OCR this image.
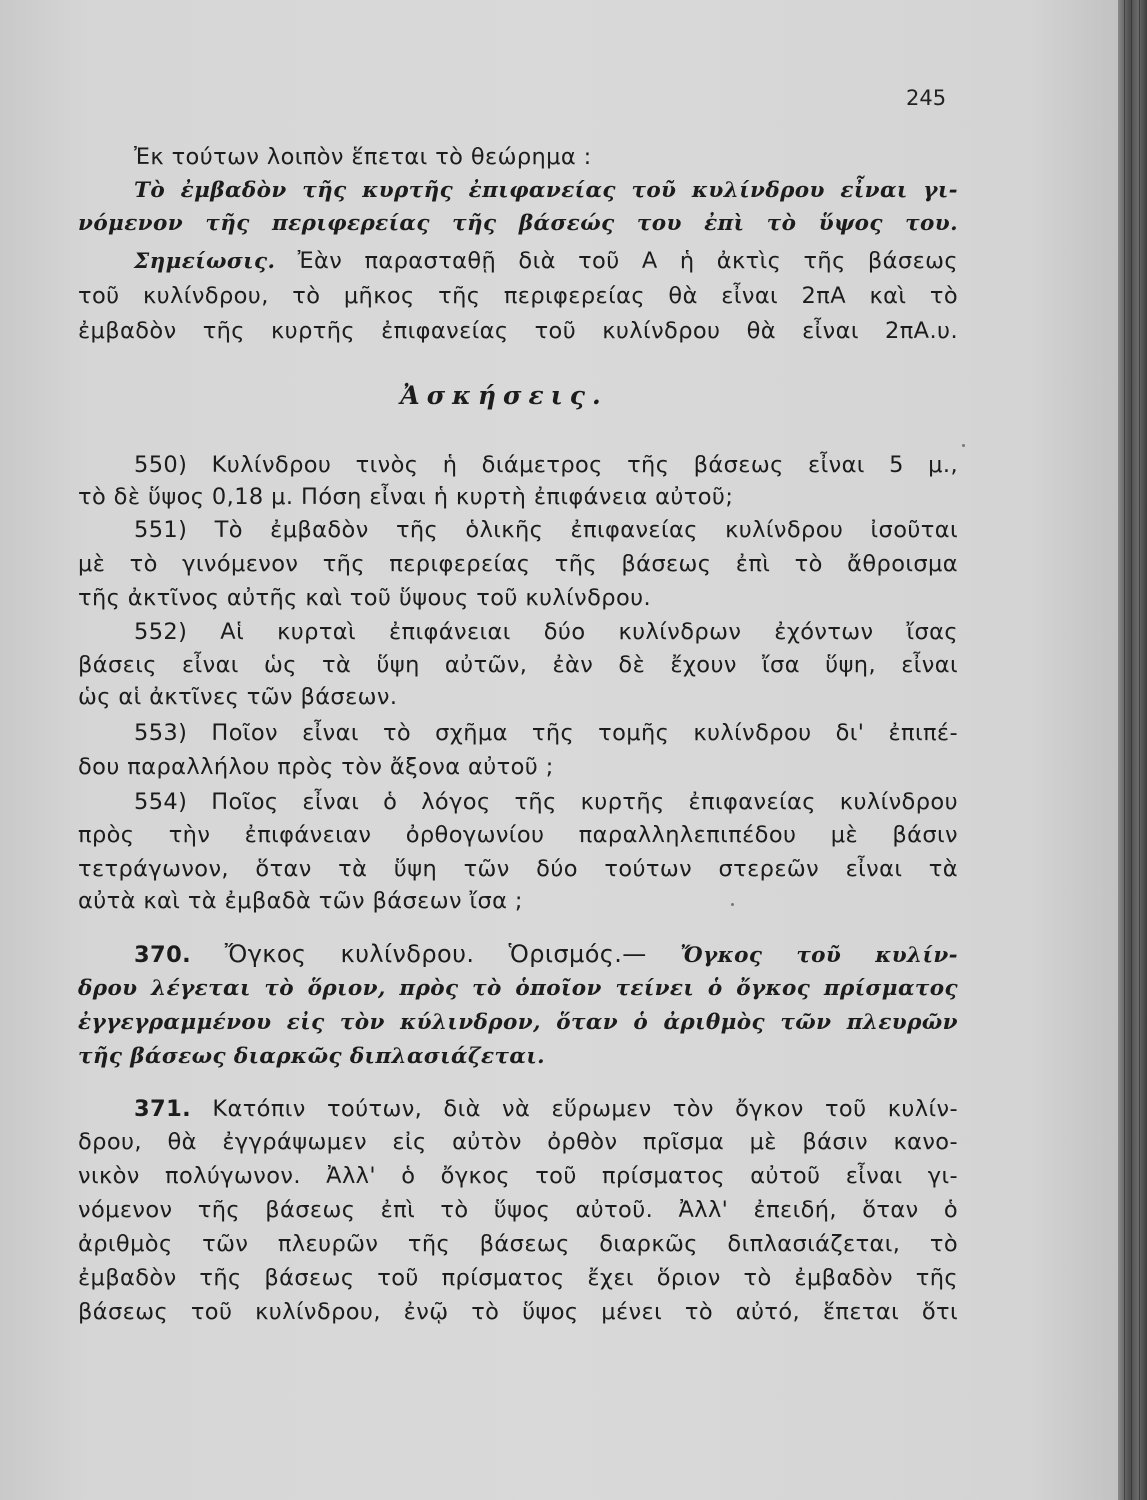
245
Ἐκ τούτων λοιπὸν ἕπεται τὸ θεώρημα :
Τὸ ἐμβαδὸν τῆς κυρτῆς ἐπιφανείας τοῦ κυλίνδρου εἶναι γι-
νόμενον τῆς περιφερείας τῆς βάσεώς του ἐπὶ τὸ ὕψος του.
Σημείωσις. Ἐὰν παρασταθῇ διὰ τοῦ Α ἡ ἀκτὶς τῆς βάσεως
τοῦ κυλίνδρου, τὸ μῆκος τῆς περιφερείας θὰ εἶναι 2πΑ καὶ τὸ
ἐμβαδὸν τῆς κυρτῆς ἐπιφανείας τοῦ κυλίνδρου θὰ εἶναι 2πΑ.υ.
Ἀσκήσεις.
550) Κυλίνδρου τινὸς ἡ διάμετρος τῆς βάσεως εἶναι 5 μ.,
τὸ δὲ ὕψος 0,18 μ. Πόση εἶναι ἡ κυρτὴ ἐπιφάνεια αὐτοῦ;
551) Τὸ ἐμβαδὸν τῆς ὁλικῆς ἐπιφανείας κυλίνδρου ἰσοῦται
μὲ τὸ γινόμενον τῆς περιφερείας τῆς βάσεως ἐπὶ τὸ ἄθροισμα
τῆς ἀκτῖνος αὐτῆς καὶ τοῦ ὕψους τοῦ κυλίνδρου.
552) Αἱ κυρταὶ ἐπιφάνειαι δύο κυλίνδρων ἐχόντων ἴσας
βάσεις εἶναι ὡς τὰ ὕψη αὐτῶν, ἐὰν δὲ ἔχουν ἴσα ὕψη, εἶναι
ὡς αἱ ἀκτῖνες τῶν βάσεων.
553) Ποῖον εἶναι τὸ σχῆμα τῆς τομῆς κυλίνδρου δι' ἐπιπέ-
δου παραλλήλου πρὸς τὸν ἄξονα αὐτοῦ ;
554) Ποῖος εἶναι ὁ λόγος τῆς κυρτῆς ἐπιφανείας κυλίνδρου
πρὸς τὴν ἐπιφάνειαν ὀρθογωνίου παραλληλεπιπέδου μὲ βάσιν
τετράγωνον, ὅταν τὰ ὕψη τῶν δύο τούτων στερεῶν εἶναι τὰ
αὐτὰ καὶ τὰ ἐμβαδὰ τῶν βάσεων ἴσα ;
370. Ὄγκος κυλίνδρου. Ὁρισμός.— Ὄγκος τοῦ κυλίν-
δρου λέγεται τὸ ὅριον, πρὸς τὸ ὁποῖον τείνει ὁ ὄγκος πρίσματος
ἐγγεγραμμένου εἰς τὸν κύλινδρον, ὅταν ὁ ἀριθμὸς τῶν πλευρῶν
τῆς βάσεως διαρκῶς διπλασιάζεται.
371. Κατόπιν τούτων, διὰ νὰ εὕρωμεν τὸν ὄγκον τοῦ κυλίν-
δρου, θὰ ἐγγράψωμεν εἰς αὐτὸν ὀρθὸν πρῖσμα μὲ βάσιν κανο-
νικὸν πολύγωνον. Ἀλλ' ὁ ὄγκος τοῦ πρίσματος αὐτοῦ εἶναι γι-
νόμενον τῆς βάσεως ἐπὶ τὸ ὕψος αὐτοῦ. Ἀλλ' ἐπειδή, ὅταν ὁ
ἀριθμὸς τῶν πλευρῶν τῆς βάσεως διαρκῶς διπλασιάζεται, τὸ
ἐμβαδὸν τῆς βάσεως τοῦ πρίσματος ἔχει ὅριον τὸ ἐμβαδὸν τῆς
βάσεως τοῦ κυλίνδρου, ἐνῷ τὸ ὕψος μένει τὸ αὐτό, ἕπεται ὅτι
